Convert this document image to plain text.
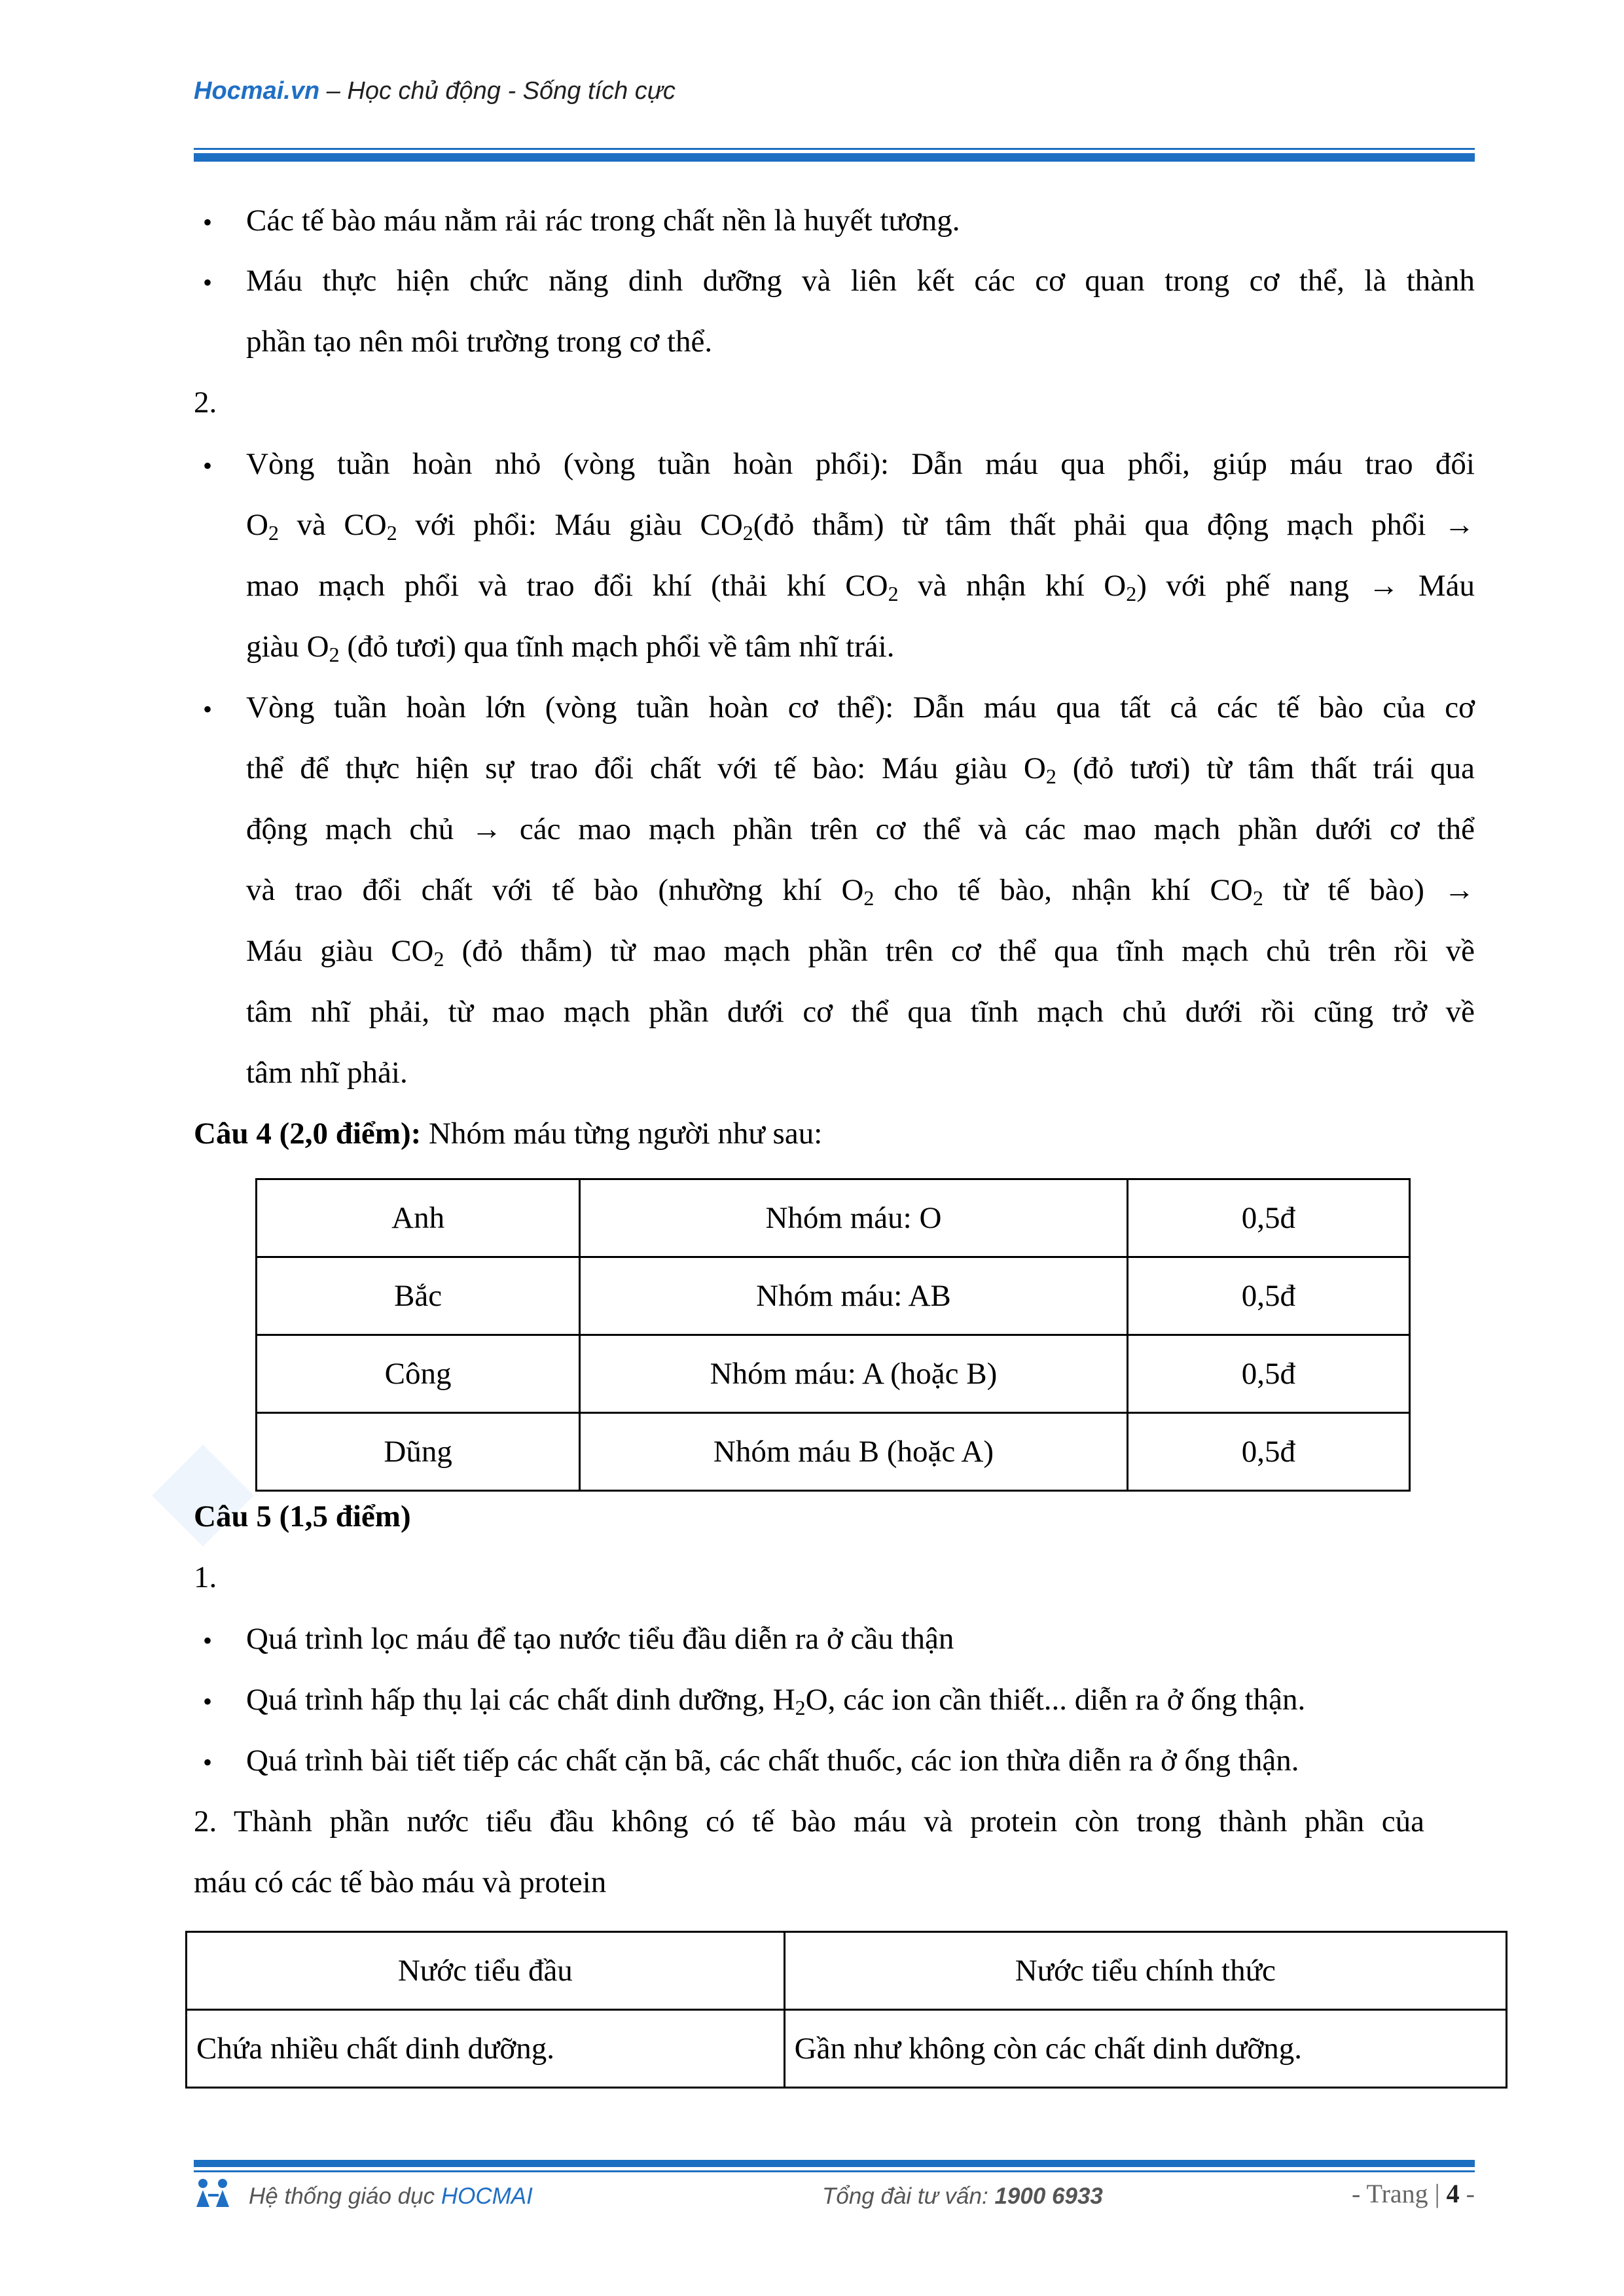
Hocmai.vn – Học chủ động - Sống tích cực
• Các tế bào máu nằm rải rác trong chất nền là huyết tương.
• Máu thực hiện chức năng dinh dưỡng và liên kết các cơ quan trong cơ thể, là thành
phần tạo nên môi trường trong cơ thể.
2.
• Vòng tuần hoàn nhỏ (vòng tuần hoàn phổi): Dẫn máu qua phổi, giúp máu trao đổi
$O_2$ và $CO_2$ với phổi: Máu giàu $CO_2(đỏ$ thẫm) từ tâm thất phải qua động mạch phổi →
mao mạch phổi và trao đổi khí (thải khí $CO_2$ và nhận khí $O_2$) với phế nang → Máu
giàu $O_2$ (đỏ tươi) qua tĩnh mạch phổi về tâm nhĩ trái.
• Vòng tuần hoàn lớn (vòng tuần hoàn cơ thể): Dẫn máu qua tất cả các tế bào của cơ
thể để thực hiện sự trao đổi chất với tế bào: Máu giàu $O_2$ (đỏ tươi) từ tâm thất trái qua
động mạch chủ → các mao mạch phần trên cơ thể và các mao mạch phần dưới cơ thể
và trao đổi chất với tế bào (nhường khí $O_2$ cho tế bào, nhận khí $CO_2$ từ tế bào) →
Máu giàu $CO_2$ (đỏ thẫm) từ mao mạch phần trên cơ thể qua tĩnh mạch chủ trên rồi về
tâm nhĩ phải, từ mao mạch phần dưới cơ thể qua tĩnh mạch chủ dưới rồi cũng trở về
tâm nhĩ phải.
Câu 4 (2,0 điểm): Nhóm máu từng người như sau:
Anh	Nhóm máu: O	0,5đ
Bắc	Nhóm máu: AB	0,5đ
Công	Nhóm máu: A (hoặc B)	0,5đ
Dũng	Nhóm máu B (hoặc A)	0,5đ
Câu 5 (1,5 điểm)
1.
• Quá trình lọc máu để tạo nước tiểu đầu diễn ra ở cầu thận
• Quá trình hấp thụ lại các chất dinh dưỡng, $H_2O$, các ion cần thiết... diễn ra ở ống thận.
• Quá trình bài tiết tiếp các chất cặn bã, các chất thuốc, các ion thừa diễn ra ở ống thận.
2. Thành phần nước tiểu đầu không có tế bào máu và protein còn trong thành phần của
máu có các tế bào máu và protein
Nước tiểu đầu	Nước tiểu chính thức
Chứa nhiều chất dinh dưỡng.	Gần như không còn các chất dinh dưỡng.
Hệ thống giáo dục HOCMAI	Tổng đài tư vấn: 1900 6933	- Trang | 4 -
